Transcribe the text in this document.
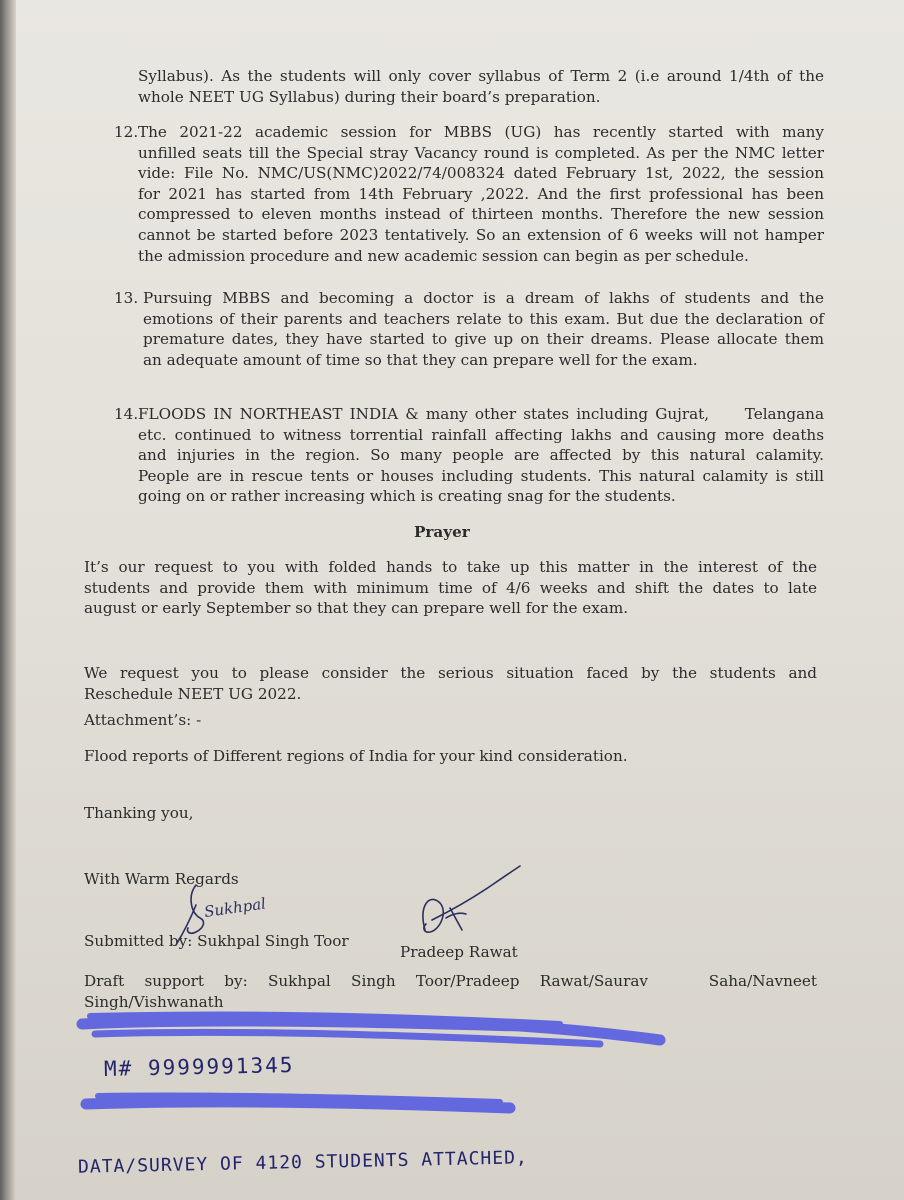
Syllabus). As the students will only cover syllabus of Term 2 (i.e around 1/4th of the
whole NEET UG Syllabus) during their board’s preparation.
12. The 2021-22 academic session for MBBS (UG) has recently started with many
unfilled seats till the Special stray Vacancy round is completed. As per the NMC letter
vide: File No. NMC/US(NMC)2022/74/008324 dated February 1st, 2022, the session
for 2021 has started from 14th February ,2022. And the first professional has been
compressed to eleven months instead of thirteen months. Therefore the new session
cannot be started before 2023 tentatively. So an extension of 6 weeks will not hamper
the admission procedure and new academic session can begin as per schedule.
13. Pursuing MBBS and becoming a doctor is a dream of lakhs of students and the
emotions of their parents and teachers relate to this exam. But due the declaration of
premature dates, they have started to give up on their dreams. Please allocate them
an adequate amount of time so that they can prepare well for the exam.
14. FLOODS IN NORTHEAST INDIA & many other states including Gujrat,     Telangana
etc. continued to witness torrential rainfall affecting lakhs and causing more deaths
and injuries in the region. So many people are affected by this natural calamity.
People are in rescue tents or houses including students. This natural calamity is still
going on or rather increasing which is creating snag for the students.
Prayer
It’s our request to you with folded hands to take up this matter in the interest of the
students and provide them with minimum time of 4/6 weeks and shift the dates to late
august or early September so that they can prepare well for the exam.
We request you to please consider the serious situation faced by the students and
Reschedule NEET UG 2022.
Attachment’s: -
Flood reports of Different regions of India for your kind consideration.
Thanking you,
With Warm Regards
Submitted by: Sukhpal Singh Toor
Pradeep Rawat
Draft  support  by:  Sukhpal  Singh  Toor/Pradeep  Rawat/Saurav      Saha/Navneet
Singh/Vishwanath
M# 9999991345
DATA/SURVEY OF 4120 STUDENTS ATTACHED,
Sukhpal
